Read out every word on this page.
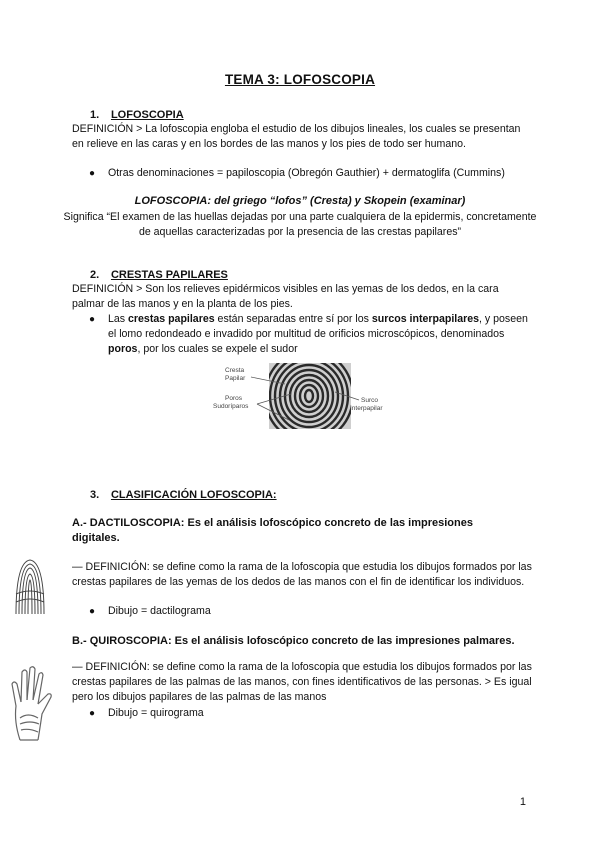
TEMA 3: LOFOSCOPIA
1. LOFOSCOPIA
DEFINICIÓN > La lofoscopia engloba el estudio de los dibujos lineales, los cuales se presentan en relieve en las caras y en los bordes de las manos y los pies de todo ser humano.
●	Otras denominaciones = papiloscopia (Obregón Gauthier) + dermatoglifa (Cummins)
LOFOSCOPIA: del griego “lofos” (Cresta) y Skopein (examinar)
Significa “El examen de las huellas dejadas por una parte cualquiera de la epidermis, concretamente de aquellas caracterizadas por la presencia de las crestas papilares”
2. CRESTAS PAPILARES
DEFINICIÓN > Son los relieves epidérmicos visibles en las yemas de los dedos, en la cara palmar de las manos y en la planta de los pies.
●	Las crestas papilares están separadas entre sí por los surcos interpapilares, y poseen el lomo redondeado e invadido por multitud de orificios microscópicos, denominados poros, por los cuales se expele el sudor
Cresta
Papilar
Poros
Sudoríparos
Surco
Interpapilar
3. CLASIFICACIÓN LOFOSCOPIA:
A.- DACTILOSCOPIA: Es el análisis lofoscópico concreto de las impresiones digitales.
— DEFINICIÓN: se define como la rama de la lofoscopia que estudia los dibujos formados por las crestas papilares de las yemas de los dedos de las manos con el fin de identificar los individuos.
●	Dibujo = dactilograma
B.- QUIROSCOPIA: Es el análisis lofoscópico concreto de las impresiones palmares.
— DEFINICIÓN: se define como la rama de la lofoscopia que estudia los dibujos formados por las crestas papilares de las palmas de las manos, con fines identificativos de las personas. > Es igual pero los dibujos papilares de las palmas de las manos
●	Dibujo = quirograma
1
